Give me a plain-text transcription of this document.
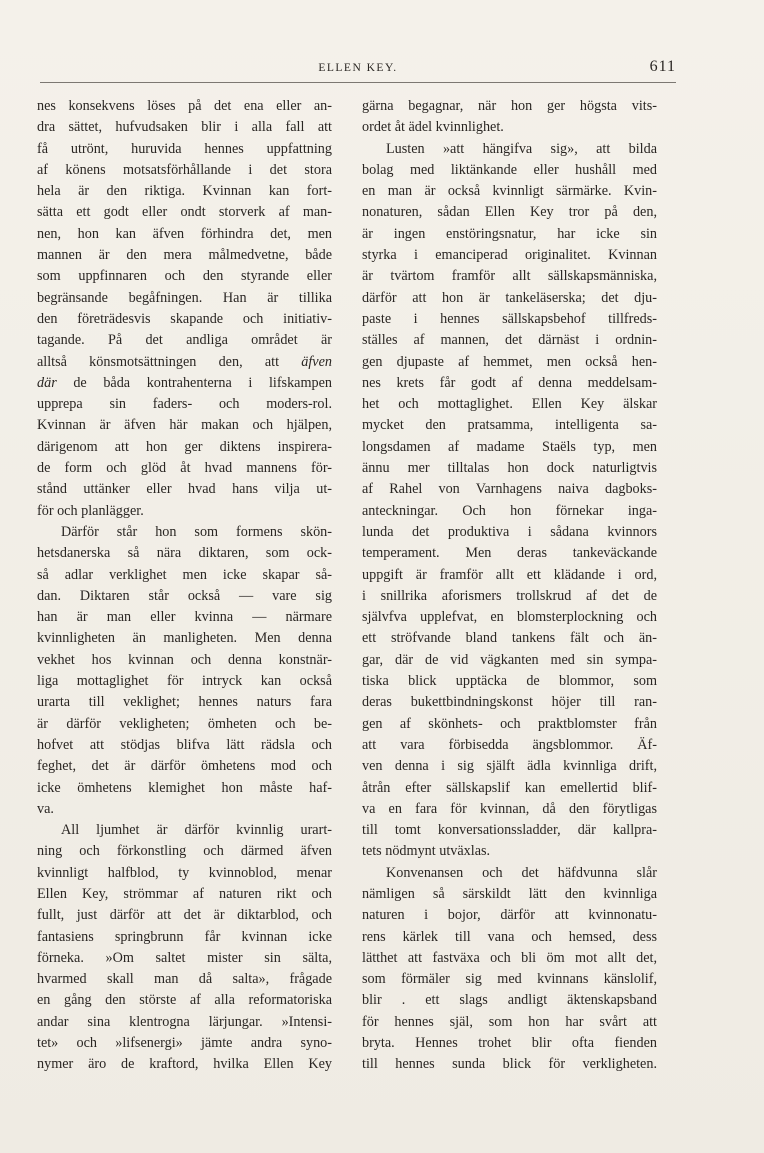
ELLEN KEY.	611
nes konsekvens löses på det ena eller an-
dra sättet, hufvudsaken blir i alla fall att
få utrönt, huruvida hennes uppfattning
af könens motsatsförhållande i det stora
hela är den riktiga. Kvinnan kan fort-
sätta ett godt eller ondt storverk af man-
nen, hon kan äfven förhindra det, men
mannen är den mera målmedvetne, både
som uppfinnaren och den styrande eller
begränsande begåfningen. Han är tillika
den företrädesvis skapande och initiativ-
tagande. På det andliga området är
alltså könsmotsättningen den, att äfven
där de båda kontrahenterna i lifskampen
upprepa sin faders- och moders-rol.
Kvinnan är äfven här makan och hjälpen,
därigenom att hon ger diktens inspirera-
de form och glöd åt hvad mannens för-
stånd uttänker eller hvad hans vilja ut-
för och planlägger.
Därför står hon som formens skön-
hetsdanerska så nära diktaren, som ock-
så adlar verklighet men icke skapar så-
dan. Diktaren står också — vare sig
han är man eller kvinna — närmare
kvinnligheten än manligheten. Men denna
vekhet hos kvinnan och denna konstnär-
liga mottaglighet för intryck kan också
urarta till veklighet; hennes naturs fara
är därför vekligheten; ömheten och be-
hofvet att stödjas blifva lätt rädsla och
feghet, det är därför ömhetens mod och
icke ömhetens klemighet hon måste haf-
va.
All ljumhet är därför kvinnlig urart-
ning och förkonstling och därmed äfven
kvinnligt halfblod, ty kvinnoblod, menar
Ellen Key, strömmar af naturen rikt och
fullt, just därför att det är diktarblod, och
fantasiens springbrunn får kvinnan icke
förneka. »Om saltet mister sin sälta,
hvarmed skall man då salta», frågade
en gång den störste af alla reformatoriska
andar sina klentrogna lärjungar. »Intensi-
tet» och »lifsenergi» jämte andra syno-
nymer äro de kraftord, hvilka Ellen Key
gärna begagnar, när hon ger högsta vits-
ordet åt ädel kvinnlighet.
Lusten »att hängifva sig», att bilda
bolag med liktänkande eller hushåll med
en man är också kvinnligt särmärke. Kvin-
nonaturen, sådan Ellen Key tror på den,
är ingen enstöringsnatur, har icke sin
styrka i emanciperad originalitet. Kvinnan
är tvärtom framför allt sällskapsmänniska,
därför att hon är tankeläserska; det dju-
paste i hennes sällskapsbehof tillfreds-
ställes af mannen, det därnäst i ordnin-
gen djupaste af hemmet, men också hen-
nes krets får godt af denna meddelsam-
het och mottaglighet. Ellen Key älskar
mycket den pratsamma, intelligenta sa-
longsdamen af madame Staëls typ, men
ännu mer tilltalas hon dock naturligtvis
af Rahel von Varnhagens naiva dagboks-
anteckningar. Och hon förnekar inga-
lunda det produktiva i sådana kvinnors
temperament. Men deras tankeväckande
uppgift är framför allt ett klädande i ord,
i snillrika aforismers trollskrud af det de
självfva upplefvat, en blomsterplockning och
ett ströfvande bland tankens fält och än-
gar, där de vid vägkanten med sin sympa-
tiska blick upptäcka de blommor, som
deras bukettbindningskonst höjer till ran-
gen af skönhets- och praktblomster från
att vara förbisedda ängsblommor. Äf-
ven denna i sig själft ädla kvinnliga drift,
åtrån efter sällskapslif kan emellertid blif-
va en fara för kvinnan, då den förytligas
till tomt konversationssladder, där kallpra-
tets nödmynt utväxlas.
Konvenansen och det häfdvunna slår
nämligen så särskildt lätt den kvinnliga
naturen i bojor, därför att kvinnonatu-
rens kärlek till vana och hemsed, dess
lätthet att fastväxa och bli öm mot allt det,
som förmäler sig med kvinnans känslolif,
blir . ett slags andligt äktenskapsband
för hennes själ, som hon har svårt att
bryta. Hennes trohet blir ofta fienden
till hennes sunda blick för verkligheten.
